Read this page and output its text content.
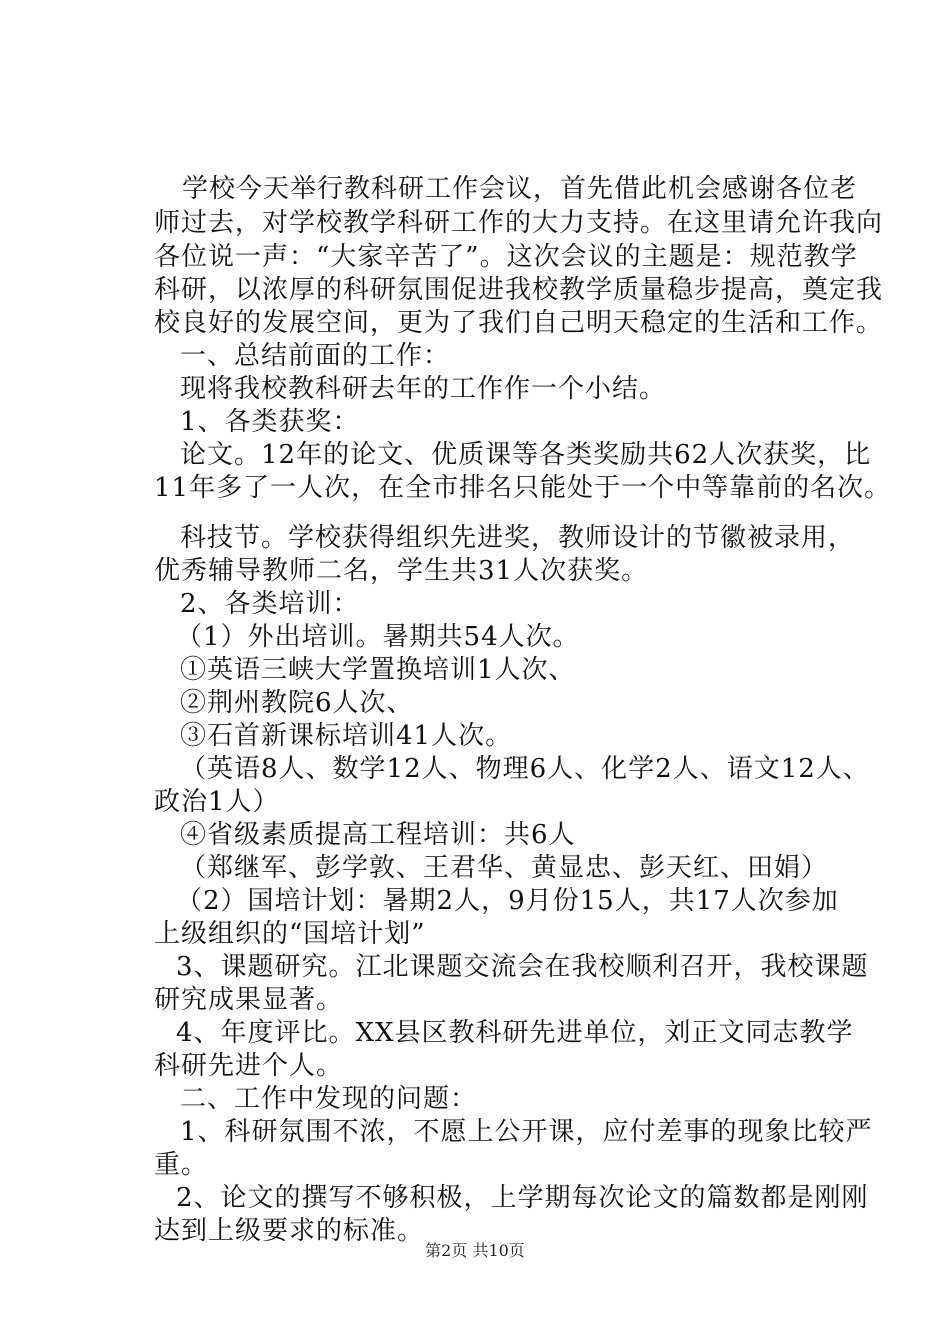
学校今天举行教科研工作会议，首先借此机会感谢各位老
师过去，对学校教学科研工作的大力支持。在这里请允许我向
各位说一声：“大家辛苦了”。这次会议的主题是：规范教学
科研，以浓厚的科研氛围促进我校教学质量稳步提高，奠定我
校良好的发展空间，更为了我们自己明天稳定的生活和工作。
一、总结前面的工作：
现将我校教科研去年的工作作一个小结。
1、各类获奖：
论文。12年的论文、优质课等各类奖励共62人次获奖，比
11年多了一人次，在全市排名只能处于一个中等靠前的名次。
科技节。学校获得组织先进奖，教师设计的节徽被录用，
优秀辅导教师二名，学生共31人次获奖。
2、各类培训：
（1）外出培训。暑期共54人次。
①英语三峡大学置换培训1人次、
②荆州教院6人次、
③石首新课标培训41人次。
（英语8人、数学12人、物理6人、化学2人、语文12人、
政治1人）
④省级素质提高工程培训：共6人
（郑继军、彭学敦、王君华、黄显忠、彭天红、田娟）
（2）国培计划：暑期2人，9月份15人，共17人次参加
上级组织的“国培计划”
3、课题研究。江北课题交流会在我校顺利召开，我校课题
研究成果显著。
4、年度评比。XX县区教科研先进单位，刘正文同志教学
科研先进个人。
二、工作中发现的问题：
1、科研氛围不浓，不愿上公开课，应付差事的现象比较严
重。
2、论文的撰写不够积极，上学期每次论文的篇数都是刚刚
达到上级要求的标准。
第2页 共10页
